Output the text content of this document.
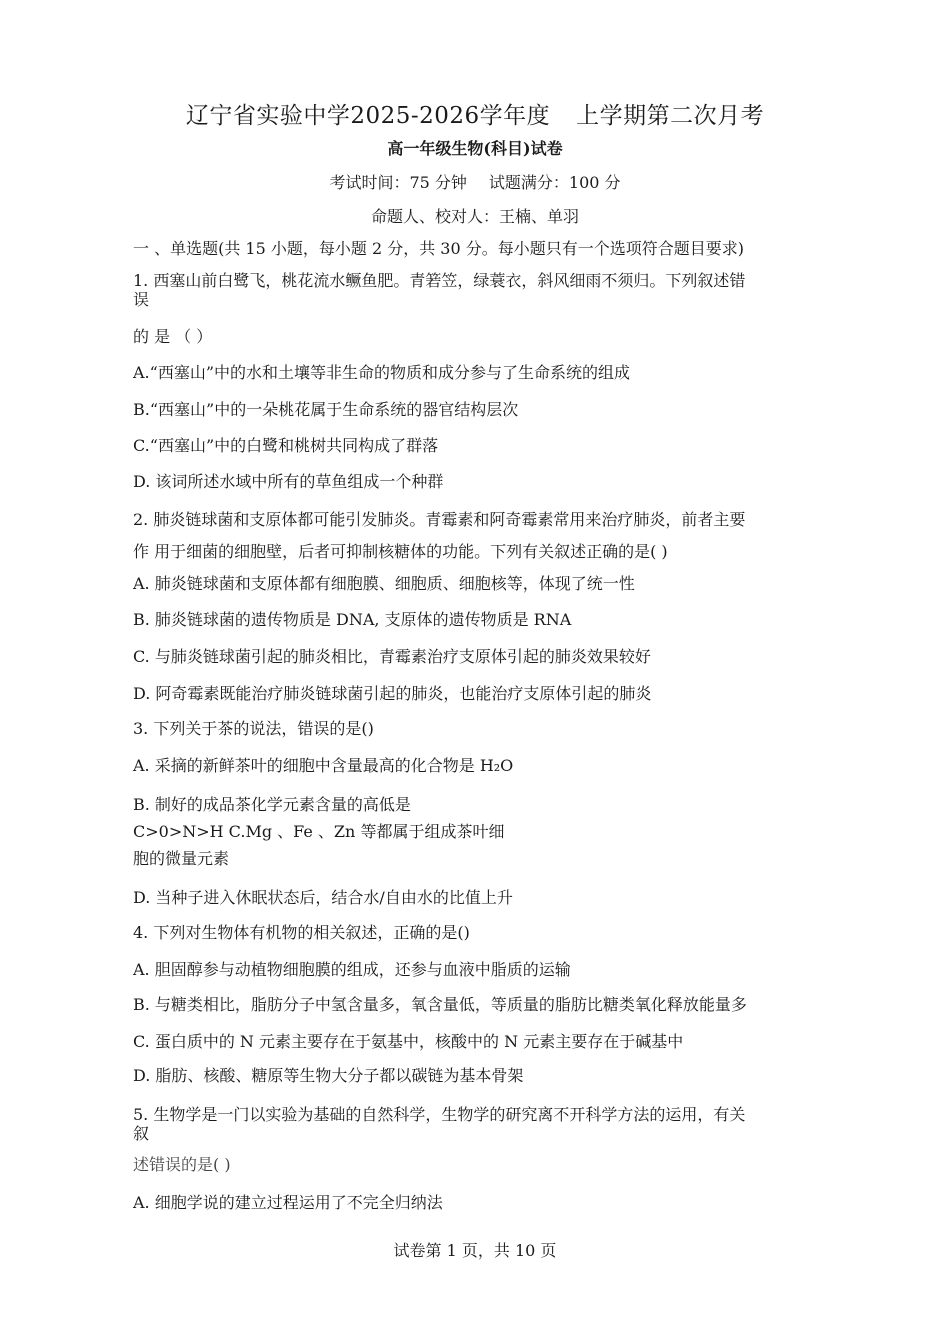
辽宁省实验中学2025-2026学年度 上学期第二次月考
高一年级生物(科目)试卷
考试时间：75 分钟 试题满分：100 分
命题人、校对人：王楠、单羽
一 、单选题(共 15 小题，每小题 2 分，共 30 分。每小题只有一个选项符合题目要求)
1. 西塞山前白鹭飞，桃花流水鳜鱼肥。青箬笠，绿蓑衣，斜风细雨不须归。下列叙述错
误
的 是 （ ）
A.“西塞山”中的水和土壤等非生命的物质和成分参与了生命系统的组成
B.“西塞山”中的一朵桃花属于生命系统的器官结构层次
C.“西塞山”中的白鹭和桃树共同构成了群落
D. 该词所述水域中所有的草鱼组成一个种群
2. 肺炎链球菌和支原体都可能引发肺炎。青霉素和阿奇霉素常用来治疗肺炎，前者主要
作 用于细菌的细胞壁，后者可抑制核糖体的功能。下列有关叙述正确的是( )
A. 肺炎链球菌和支原体都有细胞膜、细胞质、细胞核等，体现了统一性
B. 肺炎链球菌的遗传物质是 DNA, 支原体的遗传物质是 RNA
C. 与肺炎链球菌引起的肺炎相比，青霉素治疗支原体引起的肺炎效果较好
D. 阿奇霉素既能治疗肺炎链球菌引起的肺炎，也能治疗支原体引起的肺炎
3. 下列关于茶的说法，错误的是()
A. 采摘的新鲜茶叶的细胞中含量最高的化合物是 H₂O
B. 制好的成品茶化学元素含量的高低是
C>0>N>H C.Mg 、Fe 、Zn 等都属于组成茶叶细
胞的微量元素
D. 当种子进入休眠状态后，结合水/自由水的比值上升
4. 下列对生物体有机物的相关叙述，正确的是()
A. 胆固醇参与动植物细胞膜的组成，还参与血液中脂质的运输
B. 与糖类相比，脂肪分子中氢含量多，氧含量低，等质量的脂肪比糖类氧化释放能量多
C. 蛋白质中的 N 元素主要存在于氨基中，核酸中的 N 元素主要存在于碱基中
D. 脂肪、核酸、糖原等生物大分子都以碳链为基本骨架
5. 生物学是一门以实验为基础的自然科学，生物学的研究离不开科学方法的运用，有关
叙
述错误的是( )
A. 细胞学说的建立过程运用了不完全归纳法
试卷第 1 页，共 10 页
